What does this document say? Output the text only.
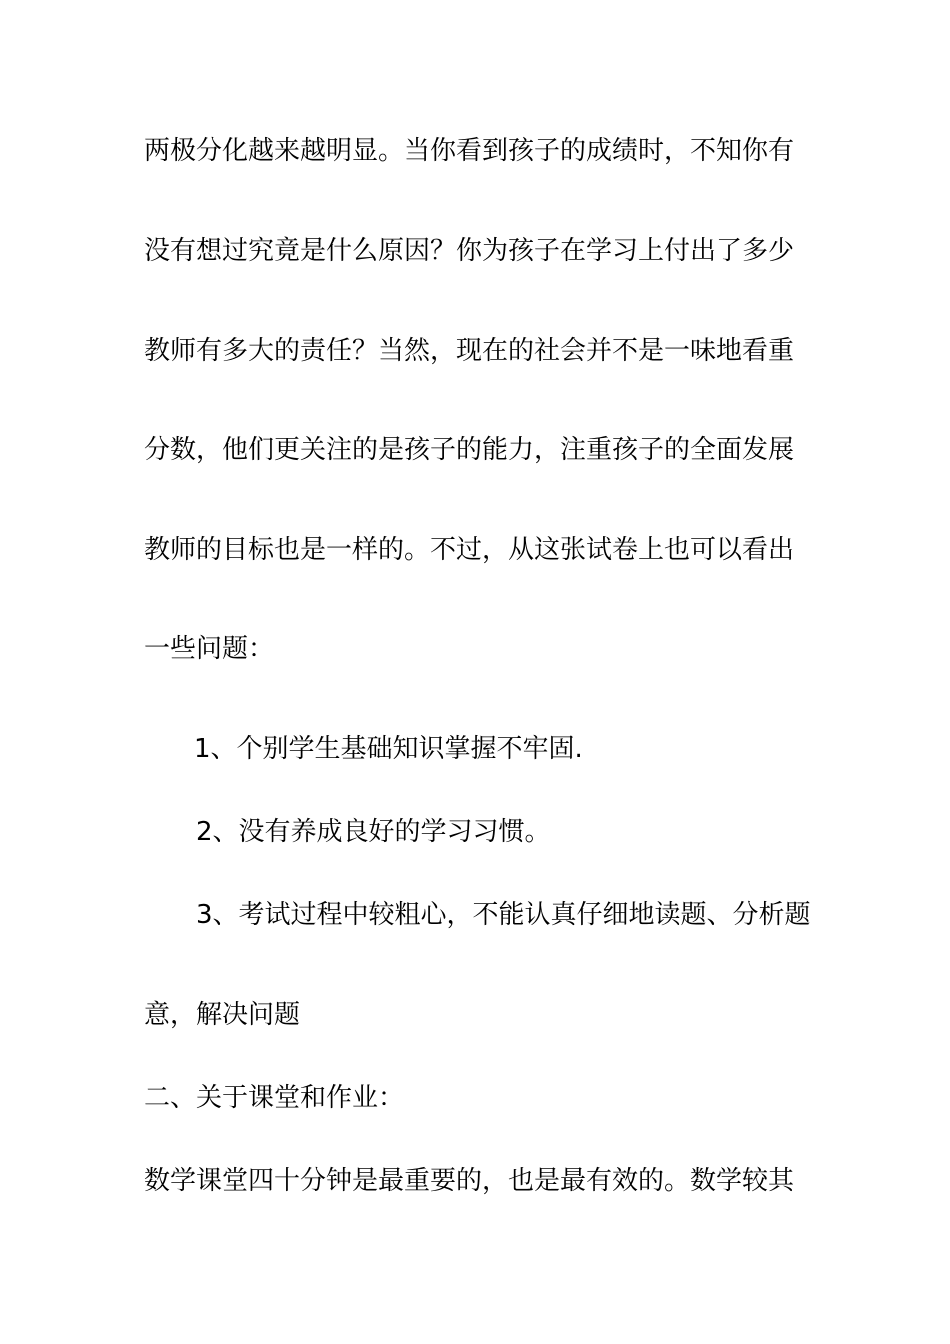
两极分化越来越明显。当你看到孩子的成绩时，不知你有
没有想过究竟是什么原因？你为孩子在学习上付出了多少
教师有多大的责任？当然，现在的社会并不是一味地看重
分数，他们更关注的是孩子的能力，注重孩子的全面发展
教师的目标也是一样的。不过，从这张试卷上也可以看出
一些问题：
1、个别学生基础知识掌握不牢固.
2、没有养成良好的学习习惯。
3、考试过程中较粗心，不能认真仔细地读题、分析题
意，解决问题
二、关于课堂和作业：
数学课堂四十分钟是最重要的，也是最有效的。数学较其
